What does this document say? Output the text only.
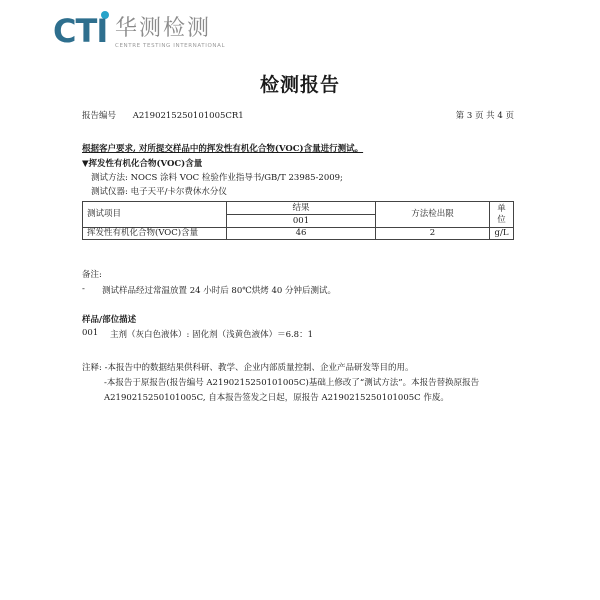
CTI 华测检测
CENTRE TESTING INTERNATIONAL
检测报告
报告编号 A2190215250101005CR1	第 3 页 共 4 页
根据客户要求, 对所提交样品中的挥发性有机化合物(VOC)含量进行测试。
▼挥发性有机化合物(VOC)含量
测试方法: NOCS 涂料 VOC 检验作业指导书/GB/T 23985-2009;
测试仪器: 电子天平/卡尔费休水分仪
测试项目	结果	方法检出限	单位
	001		
挥发性有机化合物(VOC)含量	46	2	g/L
备注:
- 测试样品经过常温放置 24 小时后 80℃烘烤 40 分钟后测试。
样品/部位描述
001 主剂（灰白色液体）: 固化剂（浅黄色液体）＝6.8：1
注释: -本报告中的数据结果供科研、教学、企业内部质量控制、企业产品研发等目的用。
-本报告于原报告(报告编号 A2190215250101005C)基础上修改了“测试方法”。本报告替换原报告
A2190215250101005C, 自本报告签发之日起，原报告 A2190215250101005C 作废。
